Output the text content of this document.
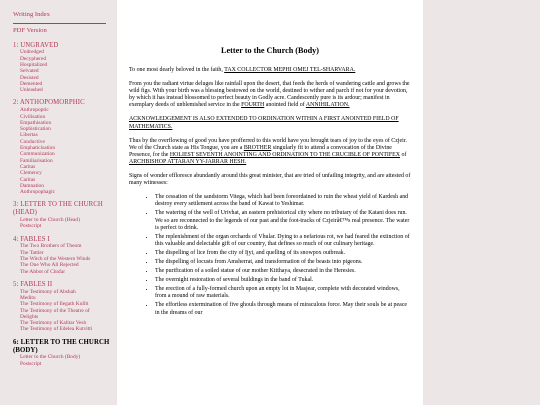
Writing Index
PDF Version
1: UNGRAVED
Undredged
Decyphered
Hospitalized
Selvated
Desisted
Demented
Unleashed
2: ANTHOPOMORPHIC
Anthropoptic
Civilisation
Empathisation
Sophistication
Libertas
Conductive
Emphaticisation
Communization
Familiarisation
Caritas
Clemency
Caritas
Damnation
Anthropophagic
3: LETTER TO THE CHURCH (HEAD)
Letter to the Church (Head)
Postscript
4: FABLES I
The Two Brothers of Theom
The Tattler
The Witch of the Western Winds
The One Who All Rejected
The Abbot of Chnfar
5: FABLES II
The Testimony of Abshah
Meditu
The Testimony of Ilegath Kullit
The Testimony of the Theatre of
Delights
The Testimony of Kalitar Vesh
The Testimony of Edelea Kutvitti
6: LETTER TO THE CHURCH (BODY)
Letter to the Church (Body)
Postscript
Letter to the Church (Body)

To one most dearly beloved in the faith, TAX COLLECTOR MEPHI OMEJ TEL-SHARVARA.

From you the radiant virtue deluges like rainfall upon the desert, that feeds the herds of wandering cattle and grows the wild figs. With your birth was a blessing bestowed on the world, destined to wither and parch if not for your devotion, by which it has instead blossomed to perfect beauty in Godly acre. Candescently pure is its ardour; manifest in exemplary deeds of unblemished service in the FOURTH anointed field of ANNIHILATION.

ACKNOWLEDGEMENT IS ALSO EXTENDED TO ORDINATION WITHIN A FIRST ANOINTED FIELD OF MATHEMATICS.

Thus by the overflowing of good you have profferred to this world have you brought tears of joy to the eyes of Czjeir. We of the Church state as His Tongue, you are a BROTHER singularly fit to attend a convocation of the Divine Presence, for the HOLIEST SEVENTH ANOINTING AND ORDINATION TO THE CRUCIBLE OF PONTIFEX of ARCHBISHOP ATTARAN YY-JARRAR HESH.

Signs of wonder effloresce abundantly around this great minister, that are tried of unfailing integrity, and are attested of many witnesses:

• The cessation of the sandstorm Vitega, which had been foreordained to ruin the wheat yield of Kardesh and destroy every settlement across the band of Kawat to Yeshimar.
• The watering of the well of Urivhat, an eastern prehistorical city where no tributary of the Katani does run. We so are reconnected to the legends of our past and the foot-tracks of Czjeirâ€™s real presence. The water is perfect to drink.
• The replenishment of the organ orchards of Vhular. Dying to a nefarious rot, we had feared the extinction of this valuable and delectable gift of our country, that defines so much of our culinary heritage.
• The dispelling of lice from the city of Ijyi, and quelling of its snowpox outbreak.
• The dispelling of locusts from Amsherrat, and transformation of the beasts into pigeons.
• The purification of a soiled statue of our mother Kitthaya, desecrated in the Heresies.
• The overnight restoration of several buildings in the band of Tukal.
• The erection of a fully-formed church upon an empty lot in Masjear, complete with decorated windows, from a mound of raw materials.
• The effortless extermination of five ghouls through means of miraculous force. May their souls be at peace in the dreams of our
